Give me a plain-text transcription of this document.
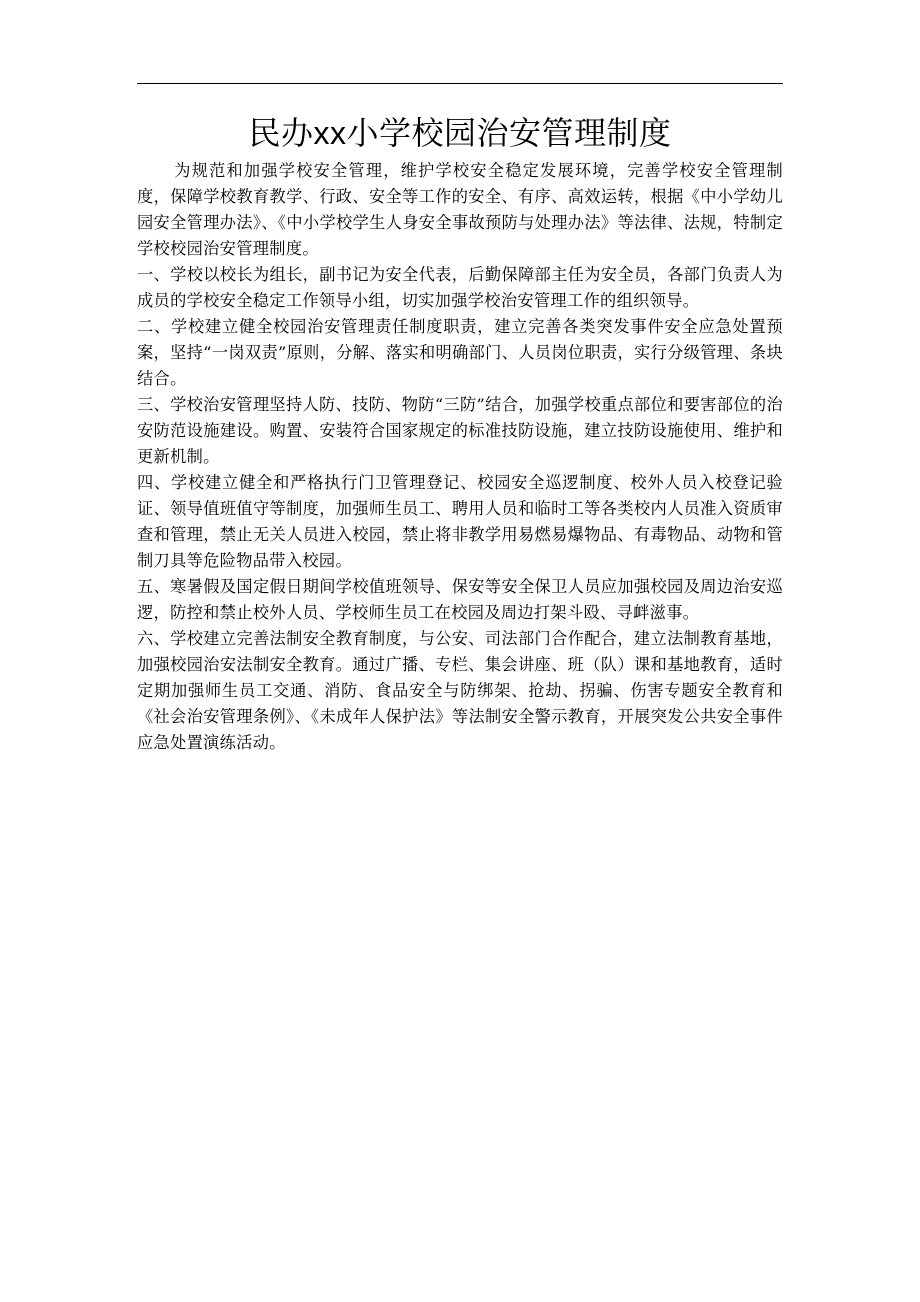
民办xx小学校园治安管理制度

为规范和加强学校安全管理，维护学校安全稳定发展环境，完善学校安全管理制度，保障学校教育教学、行政、安全等工作的安全、有序、高效运转，根据《中小学幼儿园安全管理办法》、《中小学校学生人身安全事故预防与处理办法》等法律、法规，特制定学校校园治安管理制度。

一、学校以校长为组长，副书记为安全代表，后勤保障部主任为安全员，各部门负责人为成员的学校安全稳定工作领导小组，切实加强学校治安管理工作的组织领导。

二、学校建立健全校园治安管理责任制度职责，建立完善各类突发事件安全应急处置预案，坚持“一岗双责”原则，分解、落实和明确部门、人员岗位职责，实行分级管理、条块结合。

三、学校治安管理坚持人防、技防、物防“三防”结合，加强学校重点部位和要害部位的治安防范设施建设。购置、安装符合国家规定的标准技防设施，建立技防设施使用、维护和更新机制。

四、学校建立健全和严格执行门卫管理登记、校园安全巡逻制度、校外人员入校登记验证、领导值班值守等制度，加强师生员工、聘用人员和临时工等各类校内人员准入资质审查和管理，禁止无关人员进入校园，禁止将非教学用易燃易爆物品、有毒物品、动物和管制刀具等危险物品带入校园。

五、寒暑假及国定假日期间学校值班领导、保安等安全保卫人员应加强校园及周边治安巡逻，防控和禁止校外人员、学校师生员工在校园及周边打架斗殴、寻衅滋事。

六、学校建立完善法制安全教育制度，与公安、司法部门合作配合，建立法制教育基地，加强校园治安法制安全教育。通过广播、专栏、集会讲座、班（队）课和基地教育，适时定期加强师生员工交通、消防、食品安全与防绑架、抢劫、拐骗、伤害专题安全教育和《社会治安管理条例》、《未成年人保护法》等法制安全警示教育，开展突发公共安全事件应急处置演练活动。
